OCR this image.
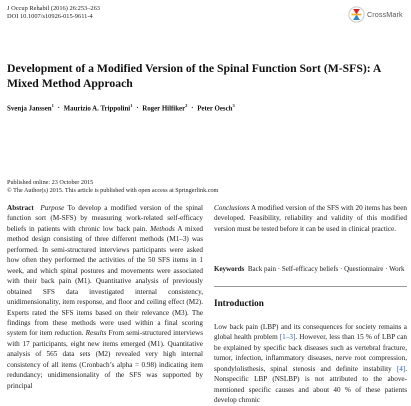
J Occup Rehabil (2016) 26:253–263
DOI 10.1007/s10926-015-9611-4	CrossMark
Development of a Modified Version of the Spinal Function Sort (M-SFS): A Mixed Method Approach
Svenja Janssen$^1$ · Maurizio A. Trippolini$^1$ · Roger Hilfiker$^2$ · Peter Oesch$^3$
Published online: 23 October 2015
© The Author(s) 2015. This article is published with open access at Springerlink.com
Abstract Purpose To develop a modified version of the spinal function sort (M-SFS) by measuring work-related self-efficacy beliefs in patients with chronic low back pain. Methods A mixed method design consisting of three different methods (M1–3) was performed. In semi-structured interviews participants were asked how often they performed the activities of the 50 SFS items in 1 week, and which spinal postures and movements were associated with their back pain (M1). Quantitative analysis of previously obtained SFS data investigated internal consistency, unidimensionality, item response, and floor and ceiling effect (M2). Experts rated the SFS items based on their relevance (M3). The findings from these methods were used within a final scoring system for item reduction. Results From semi-structured interviews with 17 participants, eight new items emerged (M1). Quantitative analysis of 565 data sets (M2) revealed very high internal consistency of all items (Cronbach’s alpha = 0.98) indicating item redundancy; unidimensionality of the SFS was supported by principal
Conclusions A modified version of the SFS with 20 items has been developed. Feasibility, reliability and validity of this modified version must be tested before it can be used in clinical practice.
Keywords Back pain · Self-efficacy beliefs · Questionnaire · Work
Introduction
Low back pain (LBP) and its consequences for society remains a global health problem [1–3]. However, less than 15 % of LBP can be explained by specific back diseases such as vertebral fracture, tumor, infection, inflammatory diseases, nerve root compression, spondylolisthesis, spinal stenosis and definite instability [4]. Nonspecific LBP (NSLBP) is not attributed to the above-mentioned specific causes and about 40 % of these patients develop chronic
